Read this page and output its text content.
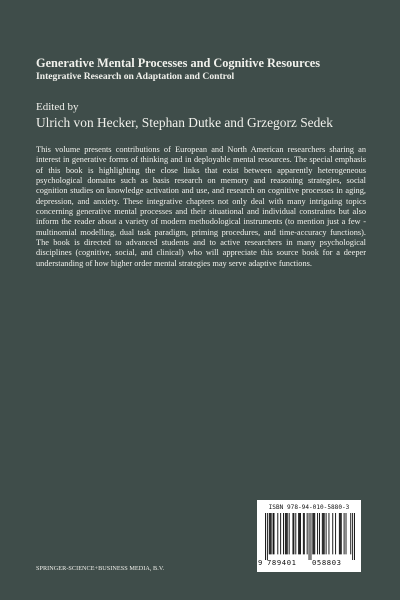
Generative Mental Processes and Cognitive Resources
Integrative Research on Adaptation and Control
Edited by
Ulrich von Hecker, Stephan Dutke and Grzegorz Sedek
This volume presents contributions of European and North American researchers sharing an interest in generative forms of thinking and in deployable mental resources. The special emphasis of this book is highlighting the close links that exist between apparently heterogeneous psychological domains such as basis research on memory and reasoning strategies, social cognition studies on knowledge activation and use, and research on cognitive processes in aging, depression, and anxiety. These integrative chapters not only deal with many intriguing topics concerning generative mental processes and their situational and individual constraints but also inform the reader about a variety of modern methodological instruments (to mention just a few - multinomial modelling, dual task paradigm, priming procedures, and time-accuracy functions). The book is directed to advanced students and to active researchers in many psychological disciplines (cognitive, social, and clinical) who will appreciate this source book for a deeper understanding of how higher order mental strategies may serve adaptive functions.
SPRINGER-SCIENCE+BUSINESS MEDIA, B.V.
ISBN 978-94-010-5880-3
9 789401	058803
